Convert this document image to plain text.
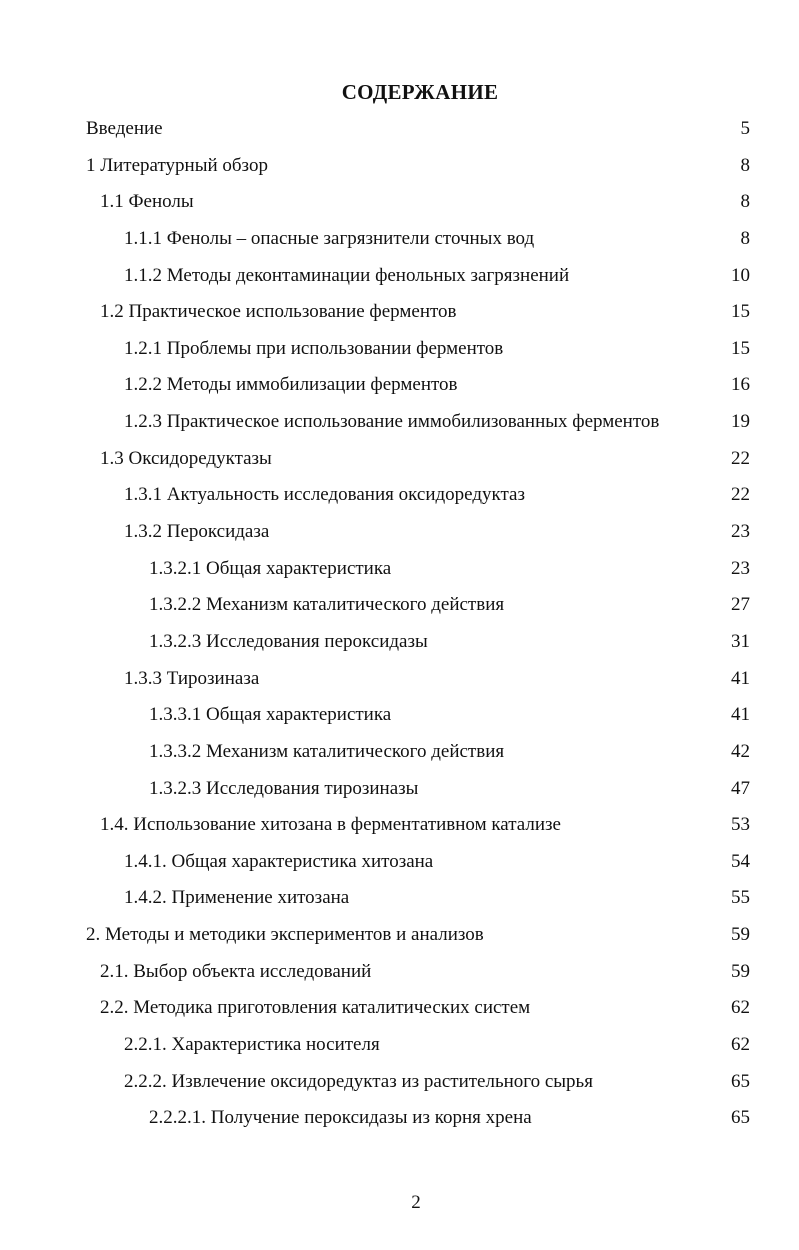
СОДЕРЖАНИЕ
Введение	5
1 Литературный обзор	8
1.1 Фенолы	8
1.1.1 Фенолы – опасные загрязнители сточных вод	8
1.1.2 Методы деконтаминации фенольных загрязнений	10
1.2 Практическое использование ферментов	15
1.2.1 Проблемы при использовании ферментов	15
1.2.2 Методы иммобилизации ферментов	16
1.2.3 Практическое использование иммобилизованных ферментов	19
1.3 Оксидоредуктазы	22
1.3.1 Актуальность исследования оксидоредуктаз	22
1.3.2 Пероксидаза	23
1.3.2.1 Общая характеристика	23
1.3.2.2 Механизм каталитического действия	27
1.3.2.3 Исследования пероксидазы	31
1.3.3 Тирозиназа	41
1.3.3.1 Общая характеристика	41
1.3.3.2 Механизм каталитического действия	42
1.3.2.3 Исследования тирозиназы	47
1.4. Использование хитозана в ферментативном катализе	53
1.4.1. Общая характеристика хитозана	54
1.4.2. Применение хитозана	55
2. Методы и методики экспериментов и анализов	59
2.1. Выбор объекта исследований	59
2.2. Методика приготовления каталитических систем	62
2.2.1. Характеристика носителя	62
2.2.2. Извлечение оксидоредуктаз из растительного сырья	65
2.2.2.1. Получение пероксидазы из корня хрена	65
2
